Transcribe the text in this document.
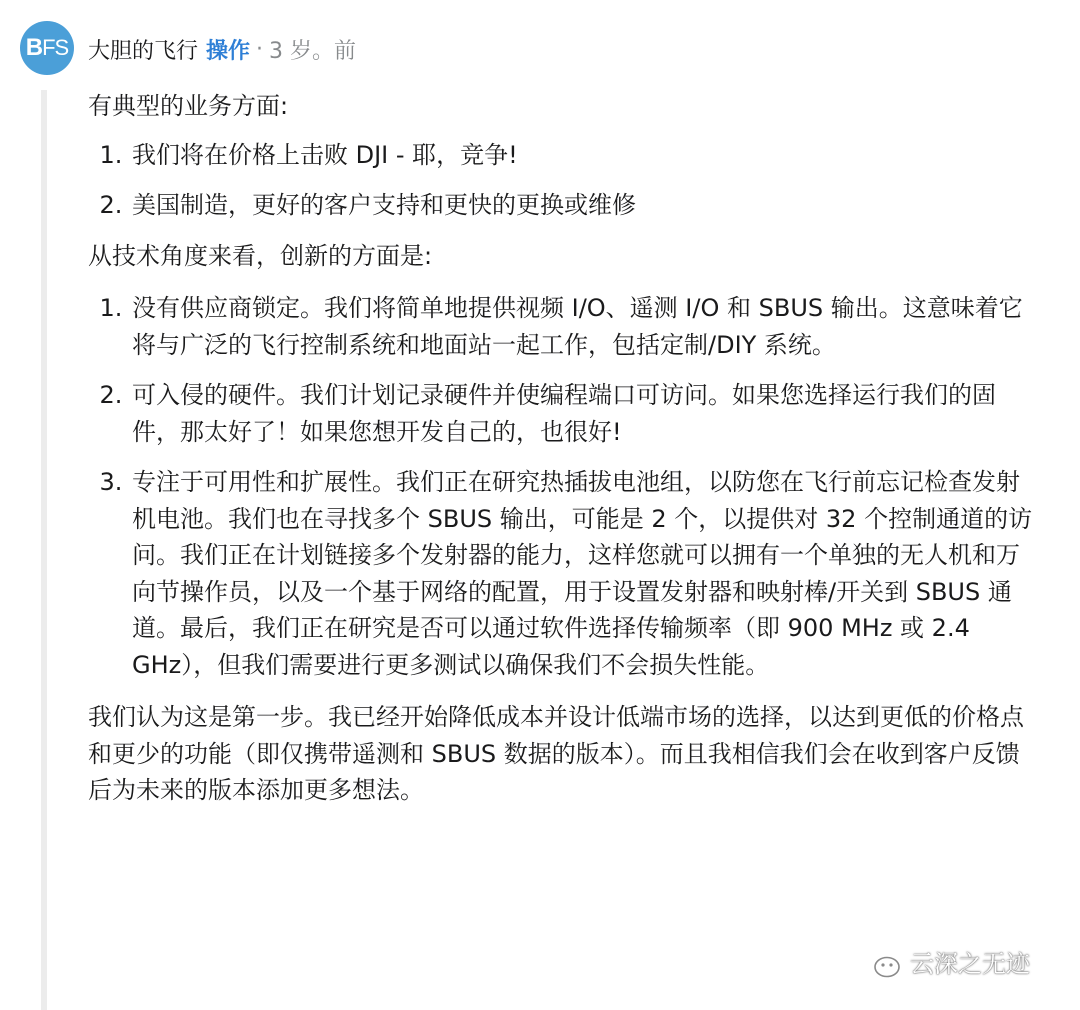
B FS 大胆的飞行 操作 · 3 岁。前

有典型的业务方面:

1. 我们将在价格上击败 DJI - 耶，竞争!
2. 美国制造，更好的客户支持和更快的更换或维修

从技术角度来看，创新的方面是:

1. 没有供应商锁定。我们将简单地提供视频 I/O、遥测 I/O 和 SBUS 输出。这意味着它将与广泛的飞行控制系统和地面站一起工作，包括定制/DIY 系统。
2. 可入侵的硬件。我们计划记录硬件并使编程端口可访问。如果您选择运行我们的固件，那太好了！如果您想开发自己的，也很好!
3. 专注于可用性和扩展性。我们正在研究热插拔电池组，以防您在飞行前忘记检查发射机电池。我们也在寻找多个 SBUS 输出，可能是 2 个，以提供对 32 个控制通道的访问。我们正在计划链接多个发射器的能力，这样您就可以拥有一个单独的无人机和万向节操作员，以及一个基于网络的配置，用于设置发射器和映射棒/开关到 SBUS 通道。最后，我们正在研究是否可以通过软件选择传输频率（即 900 MHz 或 2.4 GHz），但我们需要进行更多测试以确保我们不会损失性能。

我们认为这是第一步。我已经开始降低成本并设计低端市场的选择，以达到更低的价格点和更少的功能（即仅携带遥测和 SBUS 数据的版本）。而且我相信我们会在收到客户反馈后为未来的版本添加更多想法。

云深之无迹
